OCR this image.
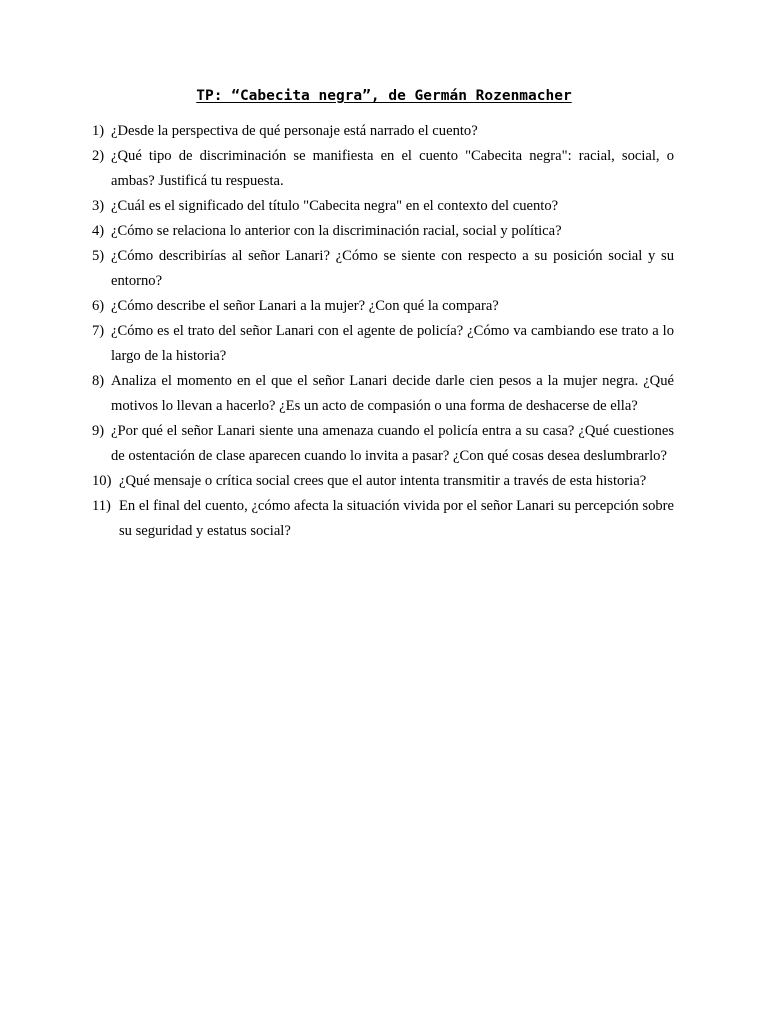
TP: “Cabecita negra”, de Germán Rozenmacher
1) ¿Desde la perspectiva de qué personaje está narrado el cuento?
2) ¿Qué tipo de discriminación se manifiesta en el cuento "Cabecita negra": racial, social, o ambas? Justificá tu respuesta.
3) ¿Cuál es el significado del título "Cabecita negra" en el contexto del cuento?
4) ¿Cómo se relaciona lo anterior con la discriminación racial, social y política?
5) ¿Cómo describirías al señor Lanari? ¿Cómo se siente con respecto a su posición social y su entorno?
6) ¿Cómo describe el señor Lanari a la mujer? ¿Con qué la compara?
7) ¿Cómo es el trato del señor Lanari con el agente de policía? ¿Cómo va cambiando ese trato a lo largo de la historia?
8) Analiza el momento en el que el señor Lanari decide darle cien pesos a la mujer negra. ¿Qué motivos lo llevan a hacerlo? ¿Es un acto de compasión o una forma de deshacerse de ella?
9) ¿Por qué el señor Lanari siente una amenaza cuando el policía entra a su casa? ¿Qué cuestiones de ostentación de clase aparecen cuando lo invita a pasar? ¿Con qué cosas desea deslumbrarlo?
10) ¿Qué mensaje o crítica social crees que el autor intenta transmitir a través de esta historia?
11) En el final del cuento, ¿cómo afecta la situación vivida por el señor Lanari su percepción sobre su seguridad y estatus social?
